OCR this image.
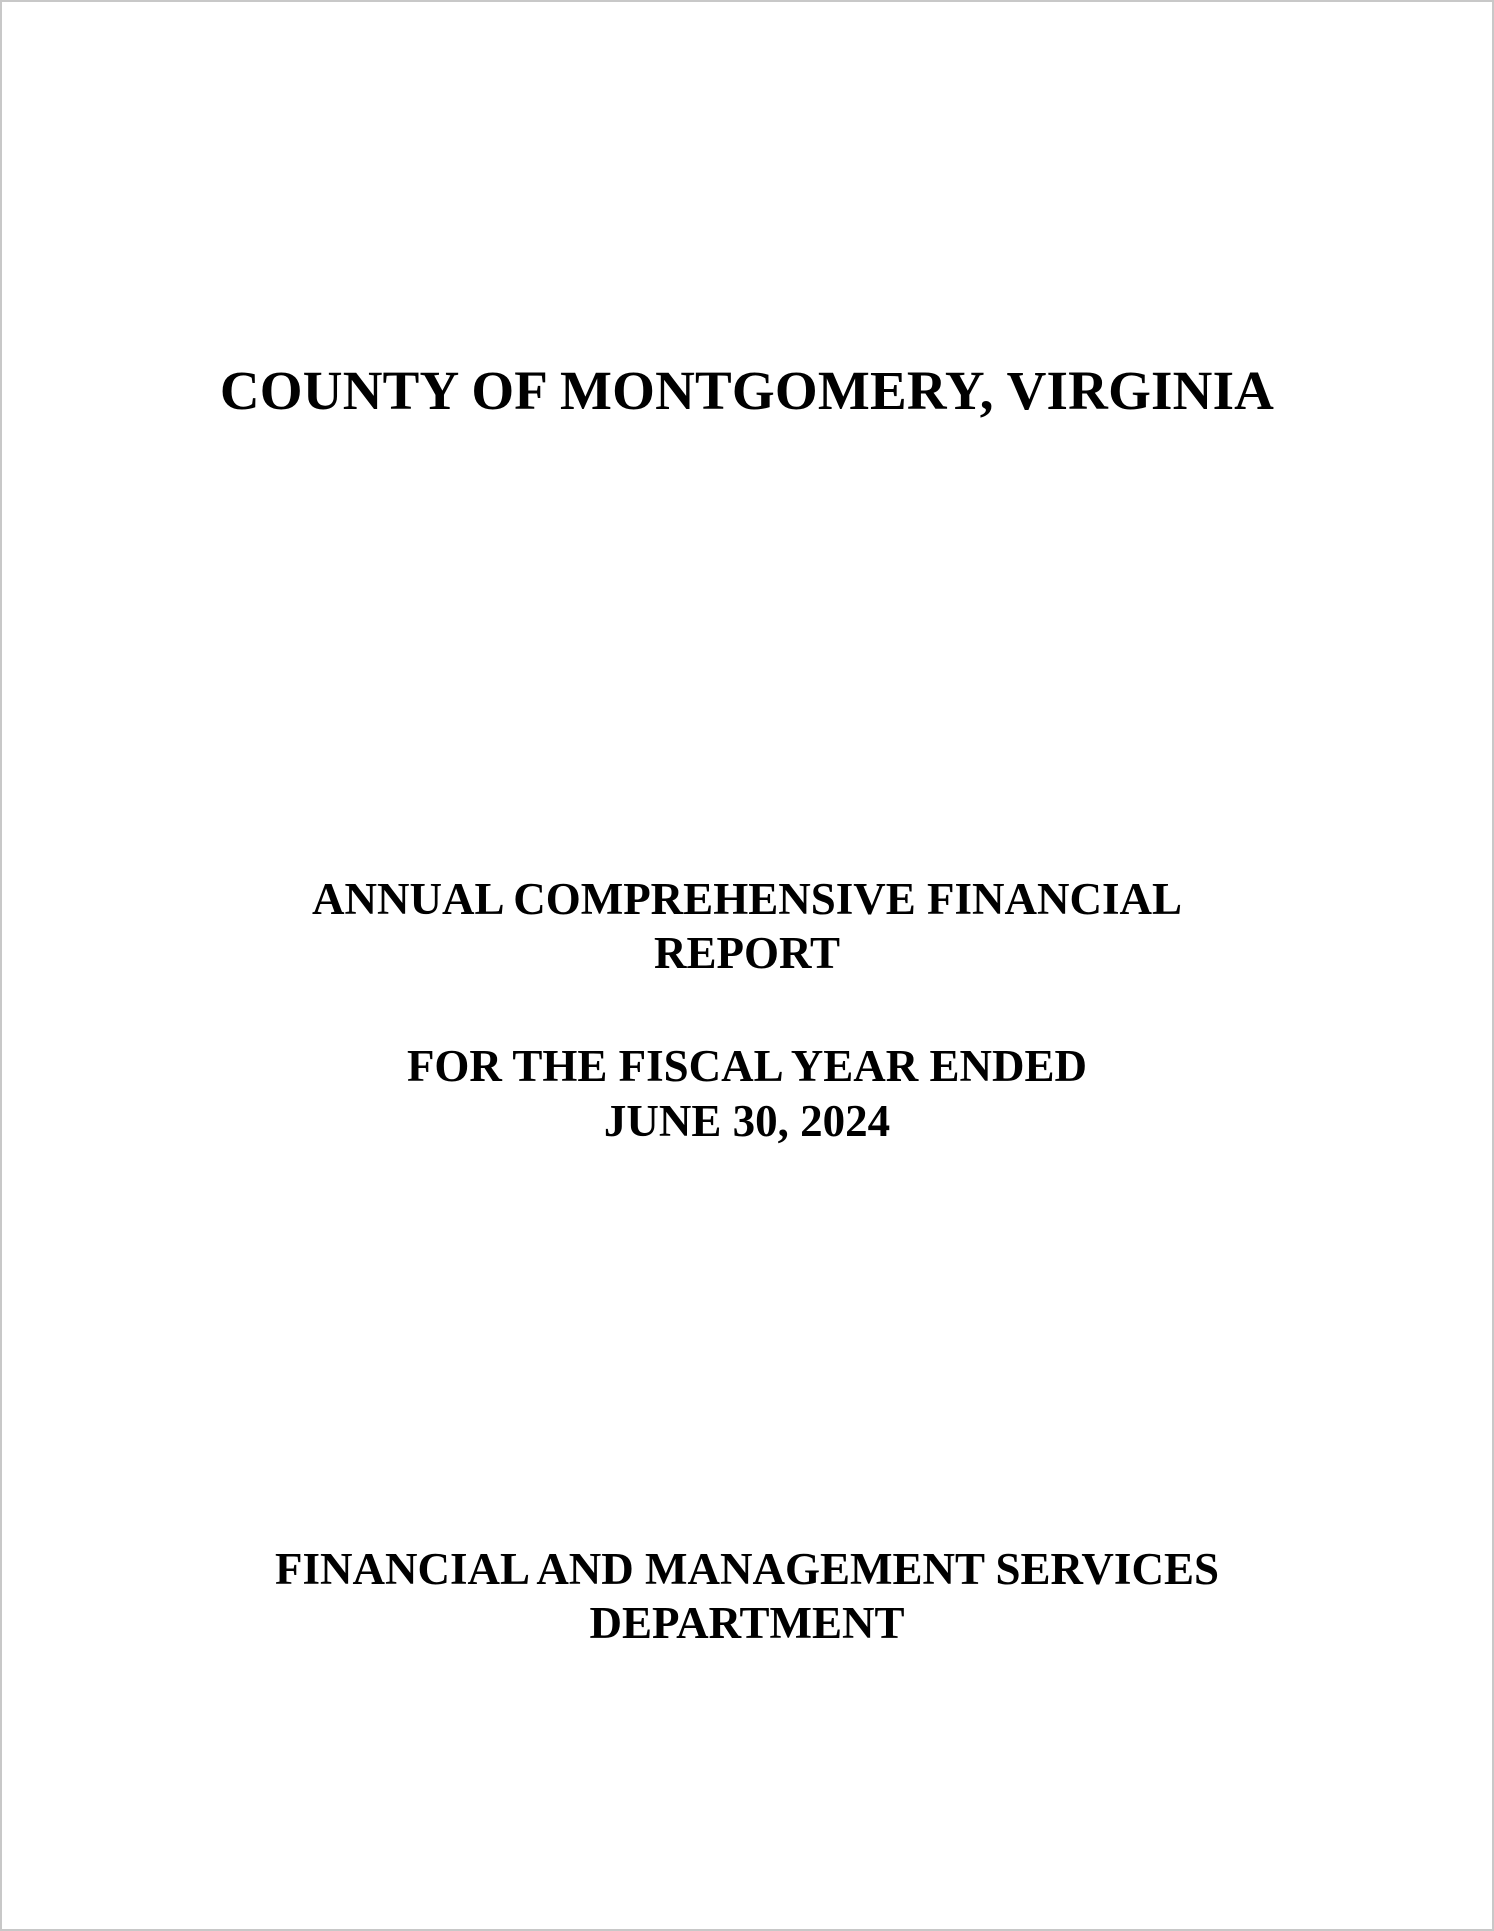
COUNTY OF MONTGOMERY, VIRGINIA

ANNUAL COMPREHENSIVE FINANCIAL

REPORT

FOR THE FISCAL YEAR ENDED

JUNE 30, 2024

FINANCIAL AND MANAGEMENT SERVICES

DEPARTMENT
